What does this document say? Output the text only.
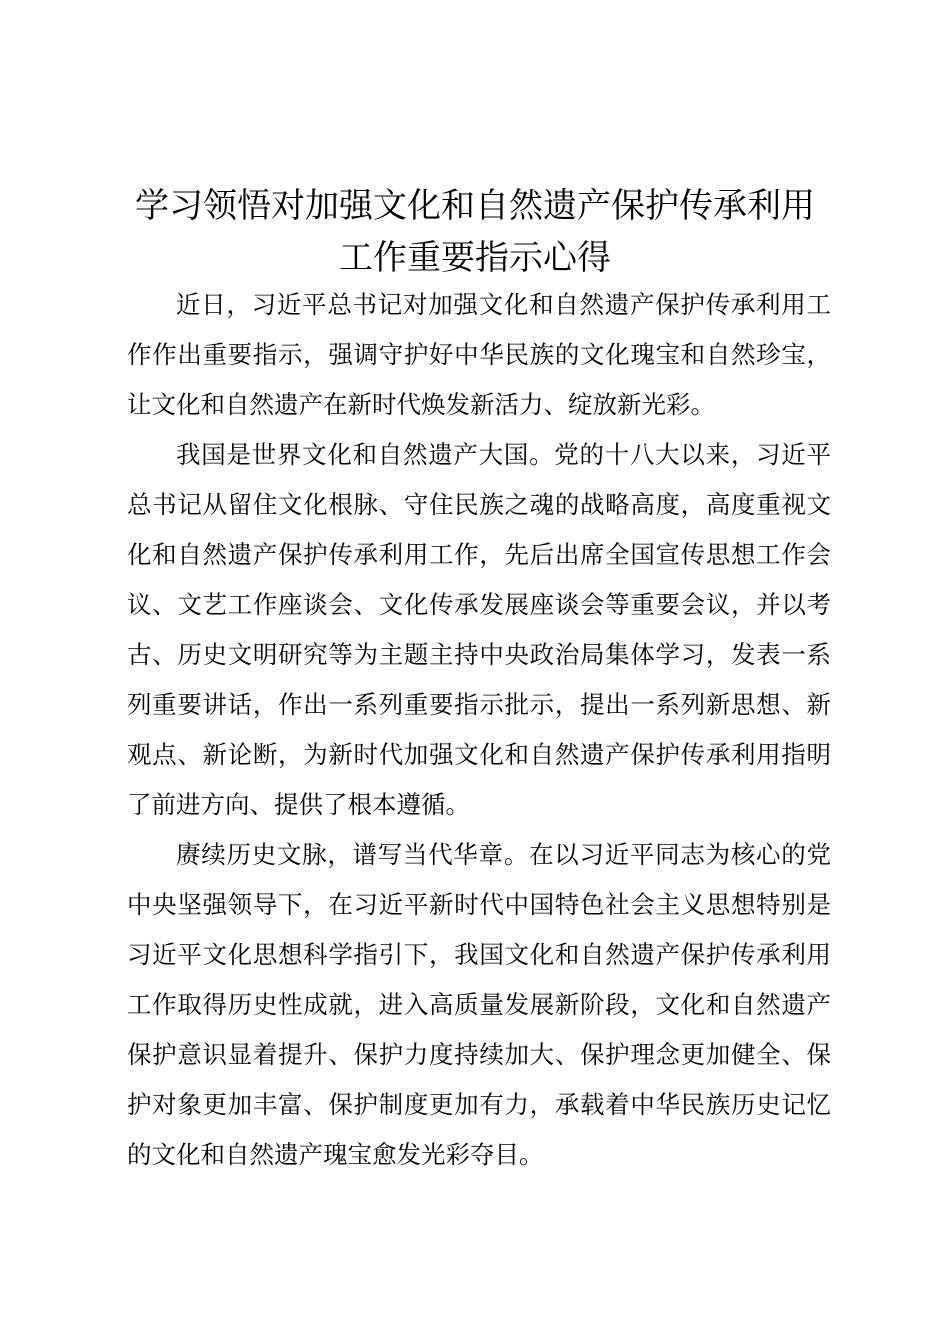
学习领悟对加强文化和自然遗产保护传承利用
工作重要指示心得

近日，习近平总书记对加强文化和自然遗产保护传承利用工作作出重要指示，强调守护好中华民族的文化瑰宝和自然珍宝，让文化和自然遗产在新时代焕发新活力、绽放新光彩。

我国是世界文化和自然遗产大国。党的十八大以来，习近平总书记从留住文化根脉、守住民族之魂的战略高度，高度重视文化和自然遗产保护传承利用工作，先后出席全国宣传思想工作会议、文艺工作座谈会、文化传承发展座谈会等重要会议，并以考古、历史文明研究等为主题主持中央政治局集体学习，发表一系列重要讲话，作出一系列重要指示批示，提出一系列新思想、新观点、新论断，为新时代加强文化和自然遗产保护传承利用指明了前进方向、提供了根本遵循。

赓续历史文脉，谱写当代华章。在以习近平同志为核心的党中央坚强领导下，在习近平新时代中国特色社会主义思想特别是习近平文化思想科学指引下，我国文化和自然遗产保护传承利用工作取得历史性成就，进入高质量发展新阶段，文化和自然遗产保护意识显着提升、保护力度持续加大、保护理念更加健全、保护对象更加丰富、保护制度更加有力，承载着中华民族历史记忆的文化和自然遗产瑰宝愈发光彩夺目。
